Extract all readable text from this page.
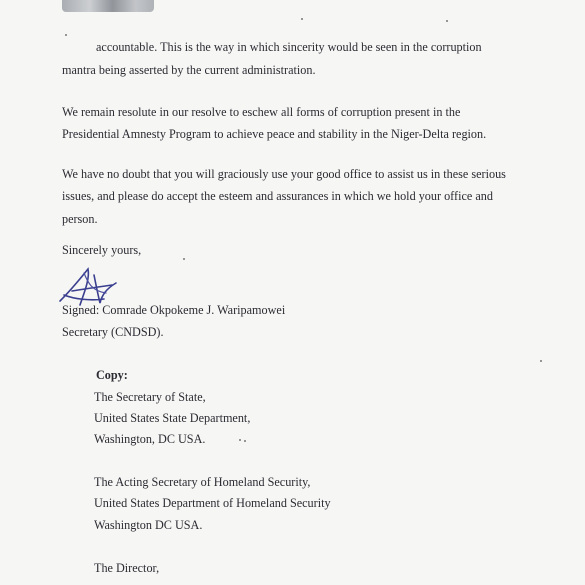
accountable. This is the way in which sincerity would be seen in the corruption
mantra being asserted by the current administration.
We remain resolute in our resolve to eschew all forms of corruption present in the
Presidential Amnesty Program to achieve peace and stability in the Niger-Delta region.
We have no doubt that you will graciously use your good office to assist us in these serious
issues, and please do accept the esteem and assurances in which we hold your office and
person.
Sincerely yours,
Signed: Comrade Okpokeme J. Waripamowei
Secretary (CNDSD).
Copy:
The Secretary of State,
United States State Department,
Washington, DC USA.
The Acting Secretary of Homeland Security,
United States Department of Homeland Security
Washington DC USA.
The Director,
